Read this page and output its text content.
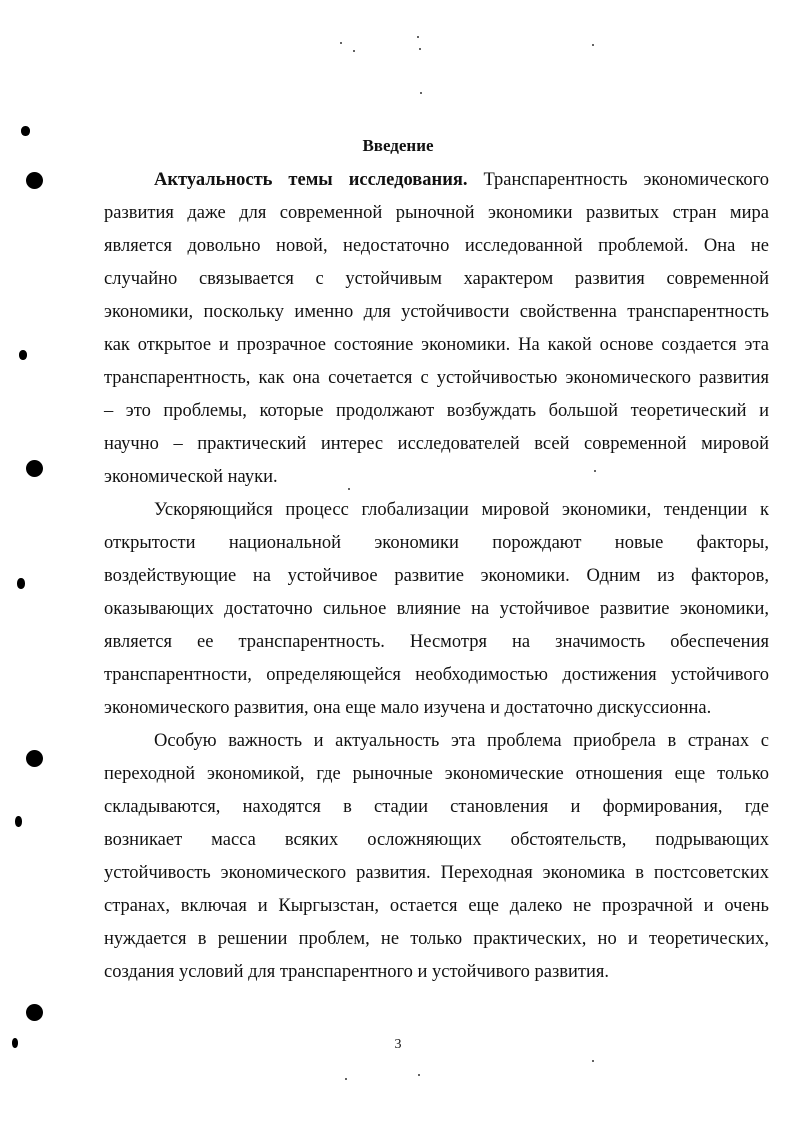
Введение
Актуальность темы исследования. Транспарентность экономического
развития даже для современной рыночной экономики развитых стран мира
является довольно новой, недостаточно исследованной проблемой. Она не
случайно связывается с устойчивым характером развития современной
экономики, поскольку именно для устойчивости свойственна транспарентность
как открытое и прозрачное состояние экономики. На какой основе создается эта
транспарентность, как она сочетается с устойчивостью экономического развития
– это проблемы, которые продолжают возбуждать большой теоретический и
научно – практический интерес исследователей всей современной мировой
экономической науки.
Ускоряющийся процесс глобализации мировой экономики, тенденции к
открытости национальной экономики порождают новые факторы,
воздействующие на устойчивое развитие экономики. Одним из факторов,
оказывающих достаточно сильное влияние на устойчивое развитие экономики,
является ее транспарентность. Несмотря на значимость обеспечения
транспарентности, определяющейся необходимостью достижения устойчивого
экономического развития, она еще мало изучена и достаточно дискуссионна.
Особую важность и актуальность эта проблема приобрела в странах с
переходной экономикой, где рыночные экономические отношения еще только
складываются, находятся в стадии становления и формирования, где
возникает масса всяких осложняющих обстоятельств, подрывающих
устойчивость экономического развития. Переходная экономика в постсоветских
странах, включая и Кыргызстан, остается еще далеко не прозрачной и очень
нуждается в решении проблем, не только практических, но и теоретических,
создания условий для транспарентного и устойчивого развития.
3
